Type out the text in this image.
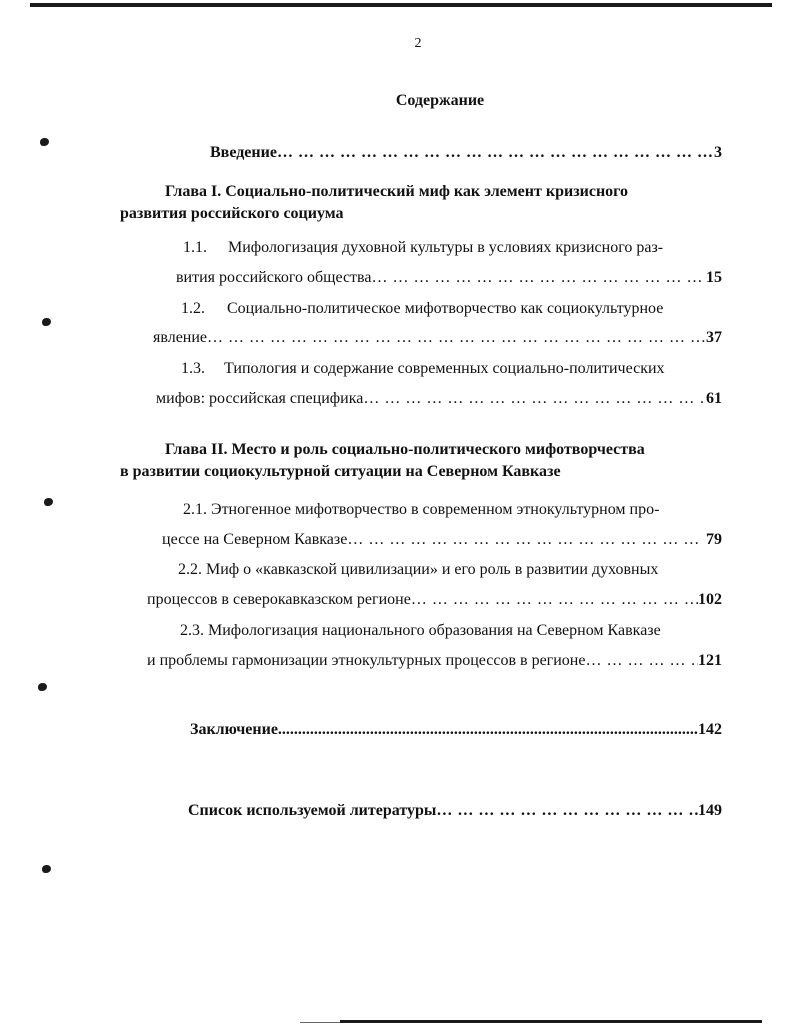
2
Содержание
Введение … … … … … … … … … … … … … … … … … … … … … … … … … … … … … … … … … … … … … … … … … … … … …	3
Глава I. Социально-политический миф как элемент кризисного
развития российского социума
1.1. Мифологизация духовной культуры в условиях кризисного раз-
вития российского общества … … … … … … … … … … … … … … … … … … … … … … … … … … … … … … … … … … … … … … … … … … … … …	15
1.2. Социально-политическое мифотворчество как социокультурное
явление … … … … … … … … … … … … … … … … … … … … … … … … … … … … … … … … … … … … … … … … … … … … …	37
1.3. Типология и содержание современных социально-политических
мифов: российская специфика … … … … … … … … … … … … … … … … … … … … … … … … … … … … … … … … … … … … … … … … … … … … …	61
Глава II. Место и роль социально-политического мифотворчества
в развитии социокультурной ситуации на Северном Кавказе
2.1. Этногенное мифотворчество в современном этнокультурном про-
цессе на Северном Кавказе … … … … … … … … … … … … … … … … … … … … … … … … … … … … … … … … … … … … … … … … … … … … …	79
2.2. Миф о «кавказской цивилизации» и его роль в развитии духовных
процессов в северокавказском регионе … … … … … … … … … … … … … … … … … … … … … … … … … … … … … … … … … … … … … … … … … … … … …	102
2.3. Мифологизация национального образования на Северном Кавказе
и проблемы гармонизации этнокультурных процессов в регионе … … … … … … … … … … … … … … … … … … … … … … … … … … … … … … … … … … … … … … … … … … … … …	121
Заключение .....	142
Список используемой литературы … … … … … … … … … … … … … … … … … … … … … … … … … … … … … … … … … … … … … … … … … … … … …	149
